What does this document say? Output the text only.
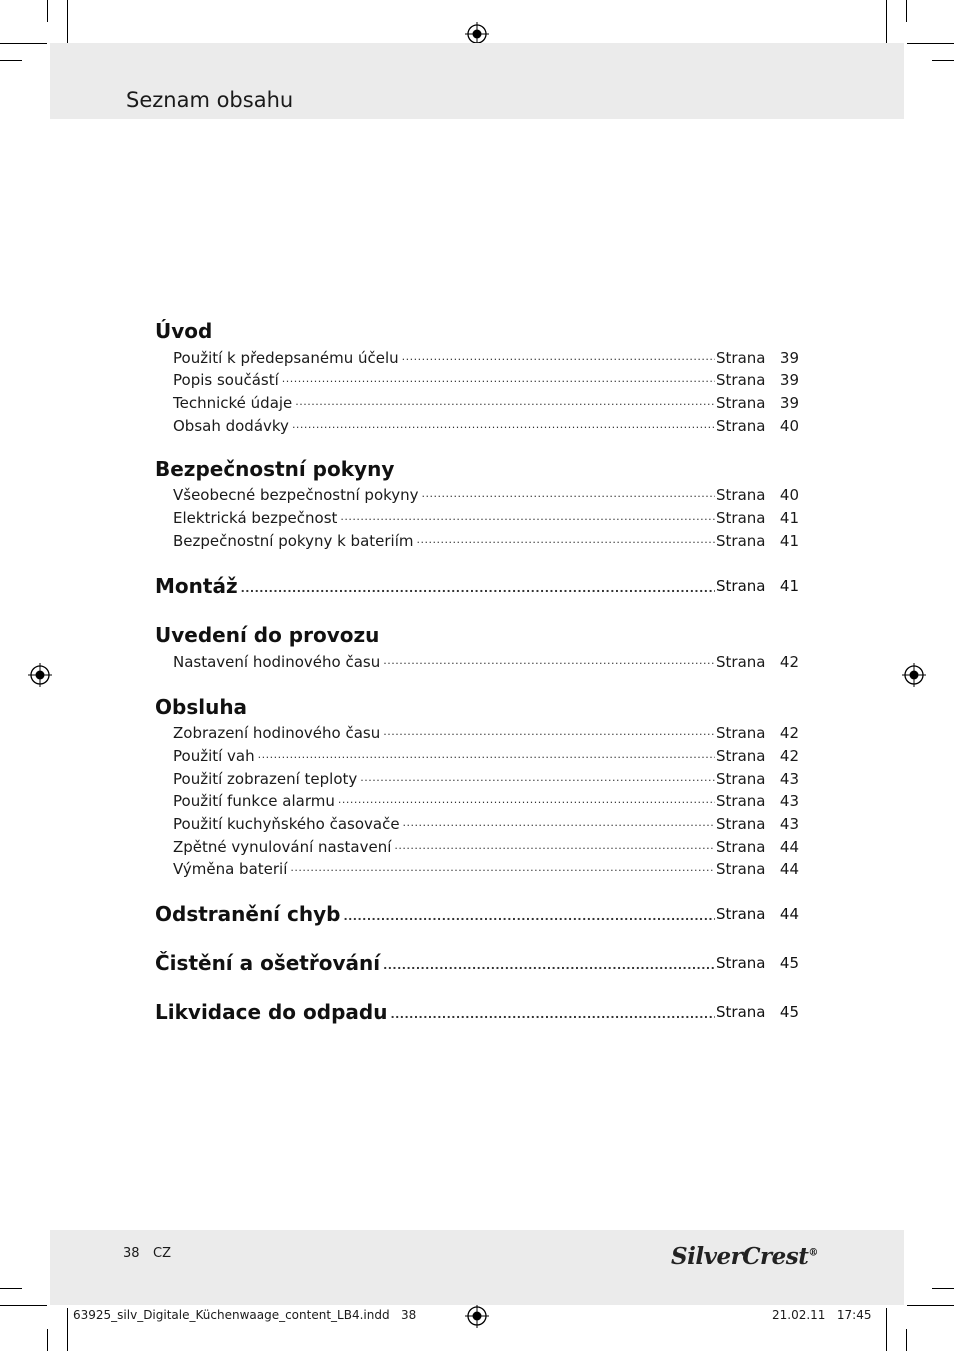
Seznam obsahu
Úvod
Použití k předepsanému účelu .....	Strana 39
Popis součástí .....	Strana 39
Technické údaje .....	Strana 39
Obsah dodávky .....	Strana 40
Bezpečnostní pokyny
Všeobecné bezpečnostní pokyny .....	Strana 40
Elektrická bezpečnost .....	Strana 41
Bezpečnostní pokyny k bateriím .....	Strana 41
Montáž .....	Strana 41
Uvedení do provozu
Nastavení hodinového času .....	Strana 42
Obsluha
Zobrazení hodinového času .....	Strana 42
Použití vah .....	Strana 42
Použití zobrazení teploty .....	Strana 43
Použití funkce alarmu .....	Strana 43
Použití kuchyňského časovače .....	Strana 43
Zpětné vynulování nastavení .....	Strana 44
Výměna baterií .....	Strana 44
Odstranění chyb .....	Strana 44
Čistění a ošetřování .....	Strana 45
Likvidace do odpadu .....	Strana 45
38 CZ	SilverCrest®
63925_silv_Digitale_Küchenwaage_content_LB4.indd   38	21.02.11   17:45
